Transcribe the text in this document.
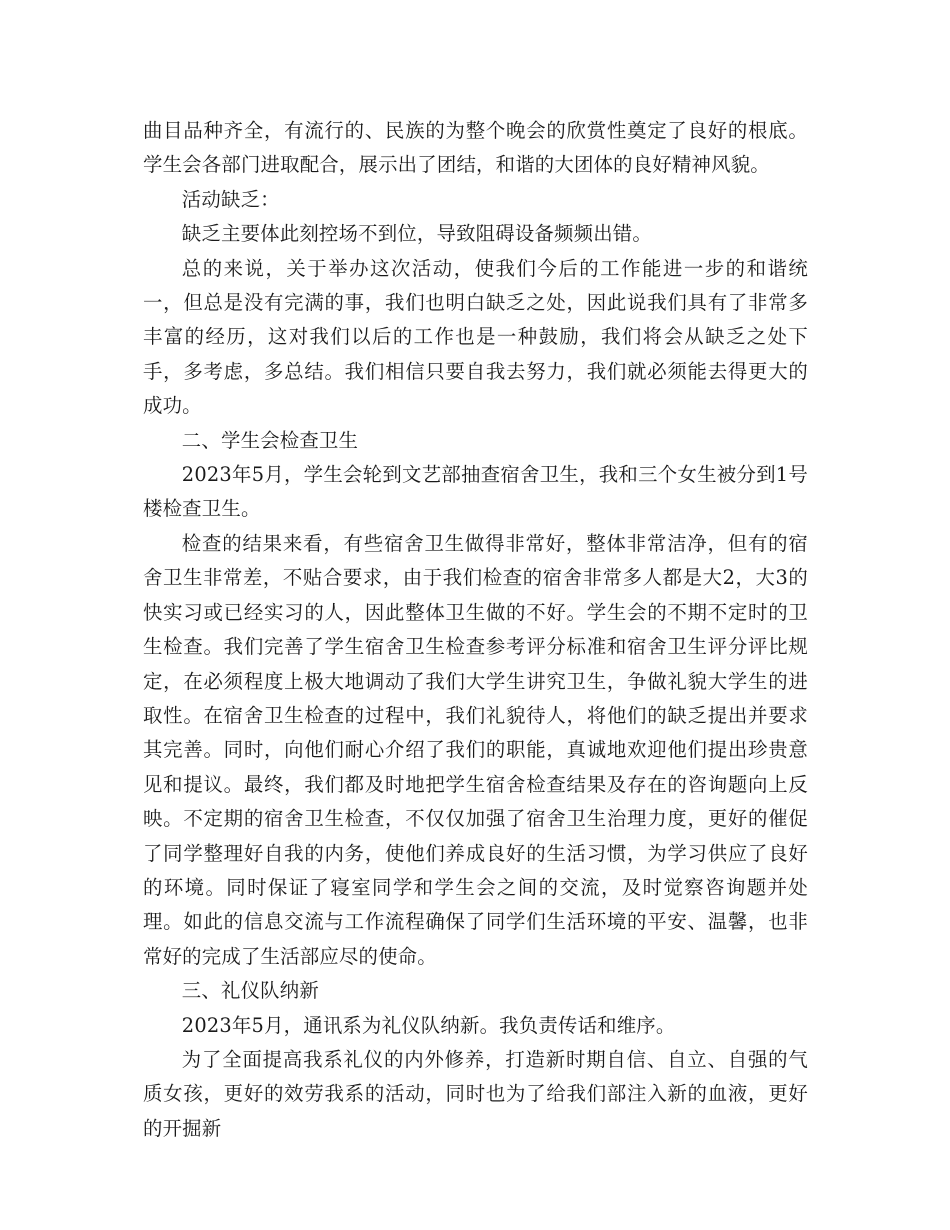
曲目品种齐全，有流行的、民族的为整个晚会的欣赏性奠定了良好的根底。学生会各部门进取配合，展示出了团结，和谐的大团体的良好精神风貌。

活动缺乏：

缺乏主要体此刻控场不到位，导致阻碍设备频频出错。

总的来说，关于举办这次活动，使我们今后的工作能进一步的和谐统一，但总是没有完满的事，我们也明白缺乏之处，因此说我们具有了非常多丰富的经历，这对我们以后的工作也是一种鼓励，我们将会从缺乏之处下手，多考虑，多总结。我们相信只要自我去努力，我们就必须能去得更大的成功。

二、学生会检查卫生

2023年5月，学生会轮到文艺部抽查宿舍卫生，我和三个女生被分到1号楼检查卫生。

检查的结果来看，有些宿舍卫生做得非常好，整体非常洁净，但有的宿舍卫生非常差，不贴合要求，由于我们检查的宿舍非常多人都是大2，大3的快实习或已经实习的人，因此整体卫生做的不好。学生会的不期不定时的卫生检查。我们完善了学生宿舍卫生检查参考评分标准和宿舍卫生评分评比规定，在必须程度上极大地调动了我们大学生讲究卫生，争做礼貌大学生的进取性。在宿舍卫生检查的过程中，我们礼貌待人，将他们的缺乏提出并要求其完善。同时，向他们耐心介绍了我们的职能，真诚地欢迎他们提出珍贵意见和提议。最终，我们都及时地把学生宿舍检查结果及存在的咨询题向上反映。不定期的宿舍卫生检查，不仅仅加强了宿舍卫生治理力度，更好的催促了同学整理好自我的内务，使他们养成良好的生活习惯，为学习供应了良好的环境。同时保证了寝室同学和学生会之间的交流，及时觉察咨询题并处理。如此的信息交流与工作流程确保了同学们生活环境的平安、温馨，也非常好的完成了生活部应尽的使命。

三、礼仪队纳新

2023年5月，通讯系为礼仪队纳新。我负责传话和维序。

为了全面提高我系礼仪的内外修养，打造新时期自信、自立、自强的气质女孩，更好的效劳我系的活动，同时也为了给我们部注入新的血液，更好的开掘新
